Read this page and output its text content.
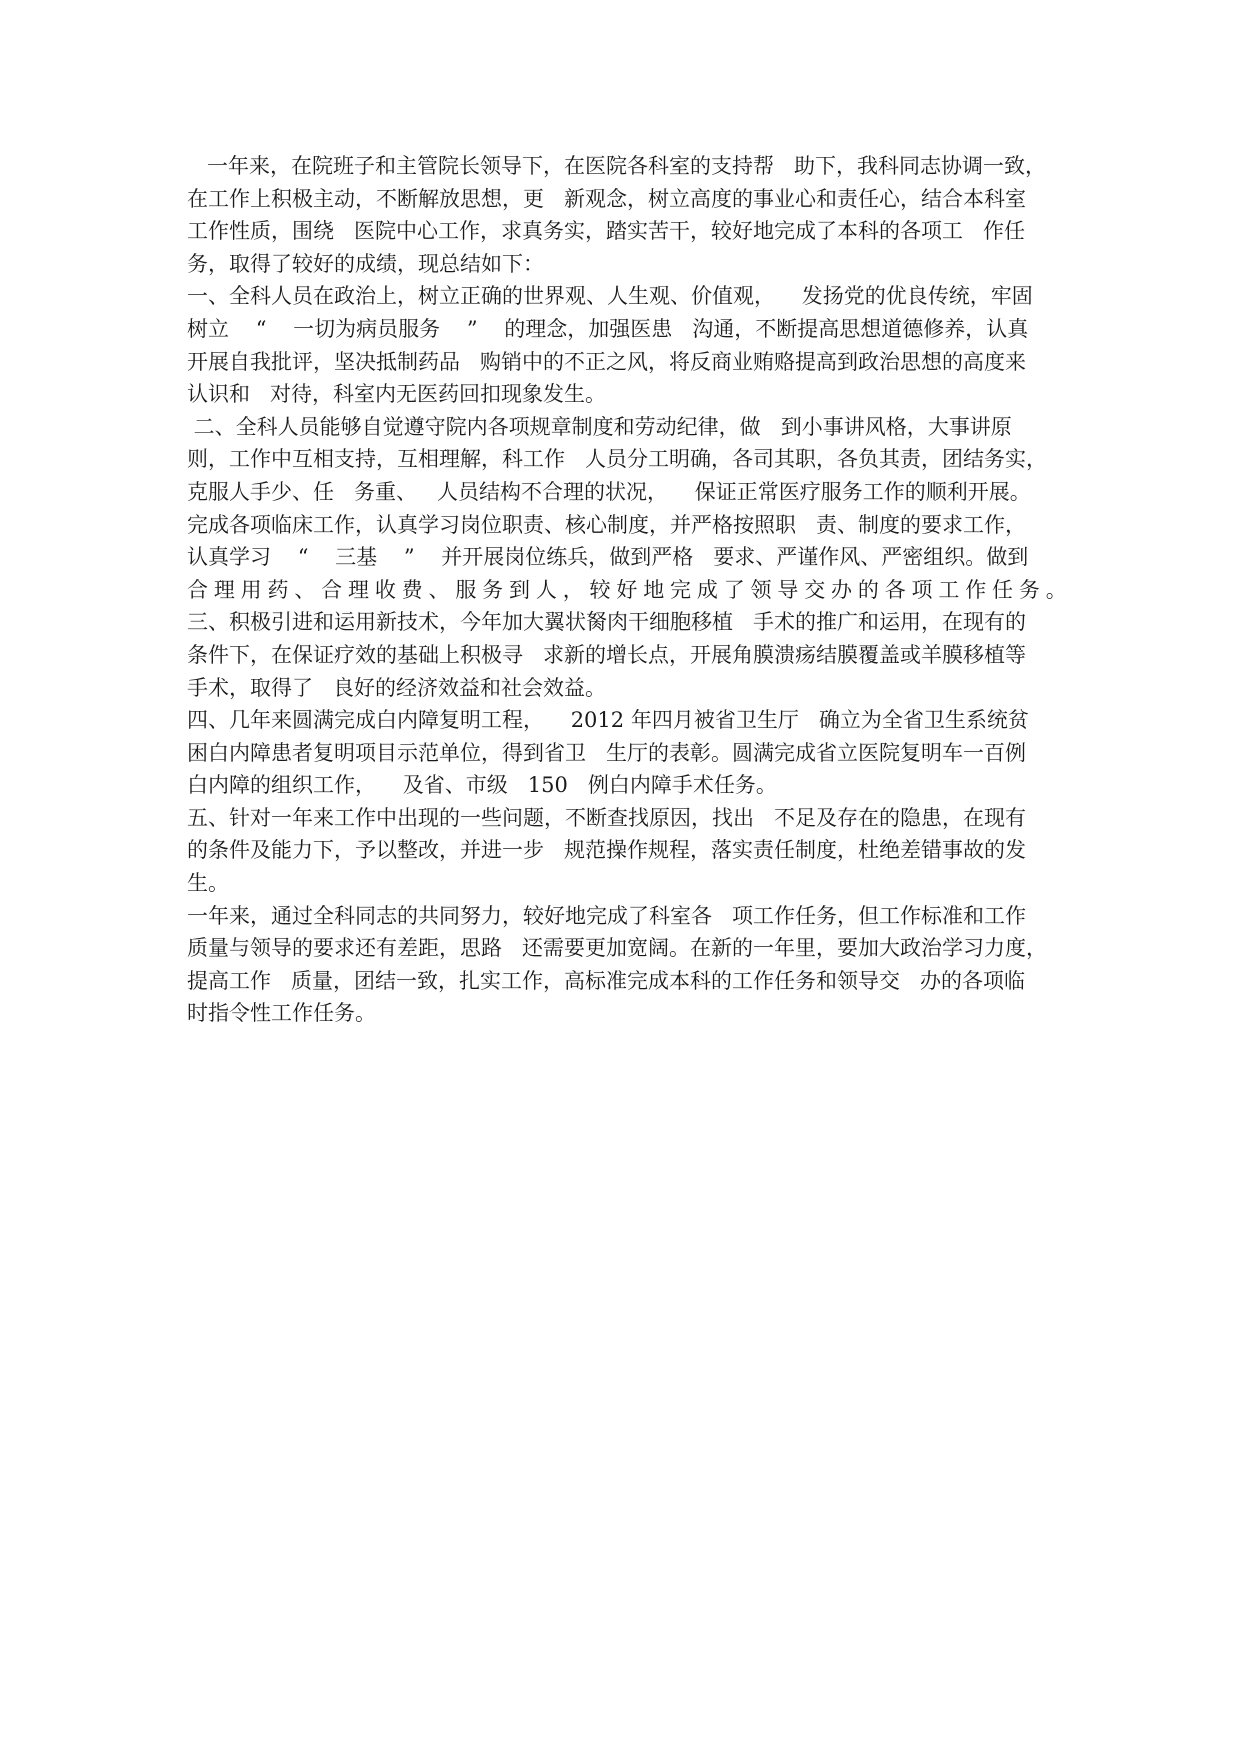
一年来，在院班子和主管院长领导下，在医院各科室的支持帮   助下，我科同志协调一致，
在工作上积极主动，不断解放思想，更   新观念，树立高度的事业心和责任心，结合本科室
工作性质，围绕   医院中心工作，求真务实，踏实苦干，较好地完成了本科的各项工   作任
务，取得了较好的成绩，现总结如下：
一、全科人员在政治上，树立正确的世界观、人生观、价值观，    发扬党的优良传统，牢固
树立    “    一切为病员服务    ”    的理念，加强医患   沟通，不断提高思想道德修养，认真
开展自我批评，坚决抵制药品   购销中的不正之风，将反商业贿赂提高到政治思想的高度来
认识和   对待，科室内无医药回扣现象发生。
二、全科人员能够自觉遵守院内各项规章制度和劳动纪律，做   到小事讲风格，大事讲原
则，工作中互相支持，互相理解，科工作   人员分工明确，各司其职，各负其责，团结务实，
克服人手少、任   务重、   人员结构不合理的状况，    保证正常医疗服务工作的顺利开展。
完成各项临床工作，认真学习岗位职责、核心制度，并严格按照职   责、制度的要求工作，
认真学习    “    三基    ”    并开展岗位练兵，做到严格   要求、严谨作风、严密组织。做到
合 理 用 药 、 合 理 收 费 、 服 务 到 人 ， 较 好 地 完 成 了 领 导 交 办 的 各 项 工 作 任 务 。
三、积极引进和运用新技术，今年加大翼状胬肉干细胞移植   手术的推广和运用，在现有的
条件下，在保证疗效的基础上积极寻   求新的增长点，开展角膜溃疡结膜覆盖或羊膜移植等
手术，取得了   良好的经济效益和社会效益。
四、几年来圆满完成白内障复明工程，    2012 年四月被省卫生厅   确立为全省卫生系统贫
困白内障患者复明项目示范单位，得到省卫   生厅的表彰。圆满完成省立医院复明车一百例
白内障的组织工作，    及省、市级   150   例白内障手术任务。
五、针对一年来工作中出现的一些问题，不断查找原因，找出   不足及存在的隐患，在现有
的条件及能力下，予以整改，并进一步   规范操作规程，落实责任制度，杜绝差错事故的发
生。
一年来，通过全科同志的共同努力，较好地完成了科室各   项工作任务，但工作标准和工作
质量与领导的要求还有差距，思路   还需要更加宽阔。在新的一年里，要加大政治学习力度，
提高工作   质量，团结一致，扎实工作，高标准完成本科的工作任务和领导交   办的各项临
时指令性工作任务。
